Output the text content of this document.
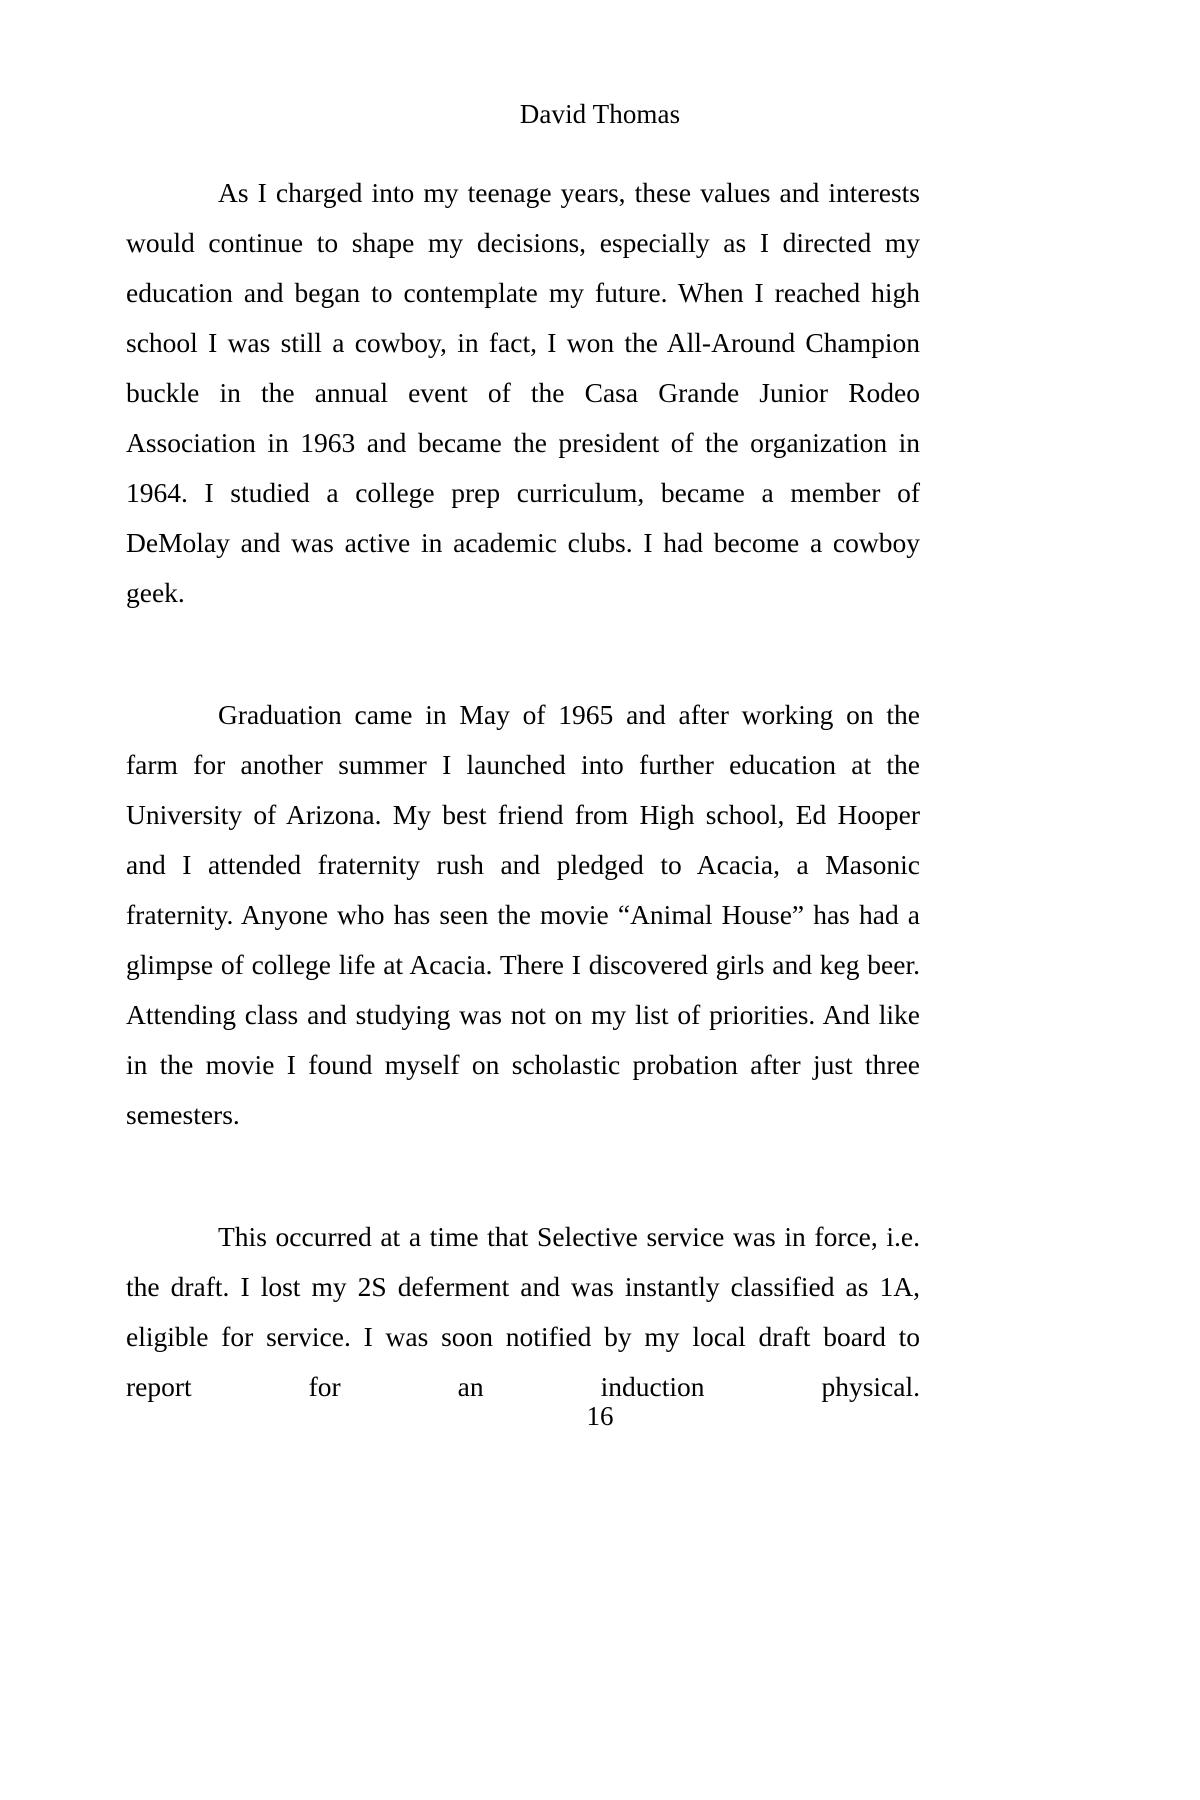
David Thomas

As I charged into my teenage years, these values and interests would continue to shape my decisions, especially as I directed my education and began to contemplate my future. When I reached high school I was still a cowboy, in fact, I won the All-Around Champion buckle in the annual event of the Casa Grande Junior Rodeo Association in 1963 and became the president of the organization in 1964. I studied a college prep curriculum, became a member of DeMolay and was active in academic clubs. I had become a cowboy geek.

Graduation came in May of 1965 and after working on the farm for another summer I launched into further education at the University of Arizona. My best friend from High school, Ed Hooper and I attended fraternity rush and pledged to Acacia, a Masonic fraternity. Anyone who has seen the movie “Animal House” has had a glimpse of college life at Acacia. There I discovered girls and keg beer. Attending class and studying was not on my list of priorities. And like in the movie I found myself on scholastic probation after just three semesters.

This occurred at a time that Selective service was in force, i.e. the draft. I lost my 2S deferment and was instantly classified as 1A, eligible for service. I was soon notified by my local draft board to report for an induction physical.

16
